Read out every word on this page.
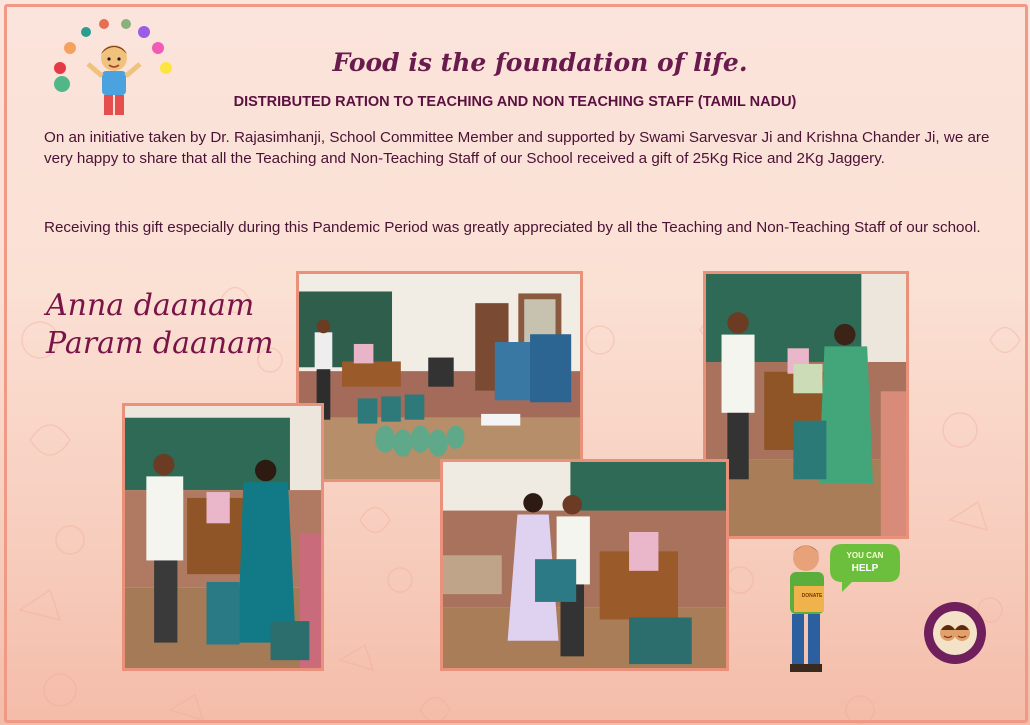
Food is the foundation of life.
DISTRIBUTED RATION TO TEACHING AND NON TEACHING STAFF (TAMIL NADU)

On an initiative taken by Dr. Rajasimhanji, School Committee Member and supported by Swami Sarvesvar Ji and Krishna Chander Ji, we are very happy to share that all the Teaching and Non-Teaching Staff of our School received a gift of 25Kg Rice and 2Kg Jaggery.

Receiving this gift especially during this Pandemic Period was greatly appreciated by all the Teaching and Non-Teaching Staff of our school.

Anna daanam
Param daanam
YOU CAN
HELP
DONATE
